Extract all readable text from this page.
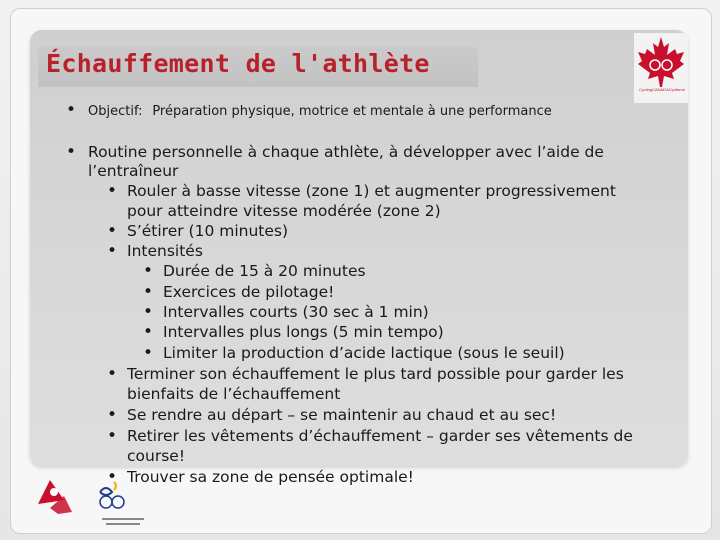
Échauffement de l'athlète
CyclingCANADACyclisme
• Objectif: Préparation physique, motrice et mentale à une performance
• Routine personnelle à chaque athlète, à développer avec l’aide de
l’entraîneur
• Rouler à basse vitesse (zone 1) et augmenter progressivement
pour atteindre vitesse modérée (zone 2)
• S’étirer (10 minutes)
• Intensités
• Durée de 15 à 20 minutes
• Exercices de pilotage!
• Intervalles courts (30 sec à 1 min)
• Intervalles plus longs (5 min tempo)
• Limiter la production d’acide lactique (sous le seuil)
• Terminer son échauffement le plus tard possible pour garder les
bienfaits de l’échauffement
• Se rendre au départ – se maintenir au chaud et au sec!
• Retirer les vêtements d’échauffement – garder ses vêtements de
course!
• Trouver sa zone de pensée optimale!
